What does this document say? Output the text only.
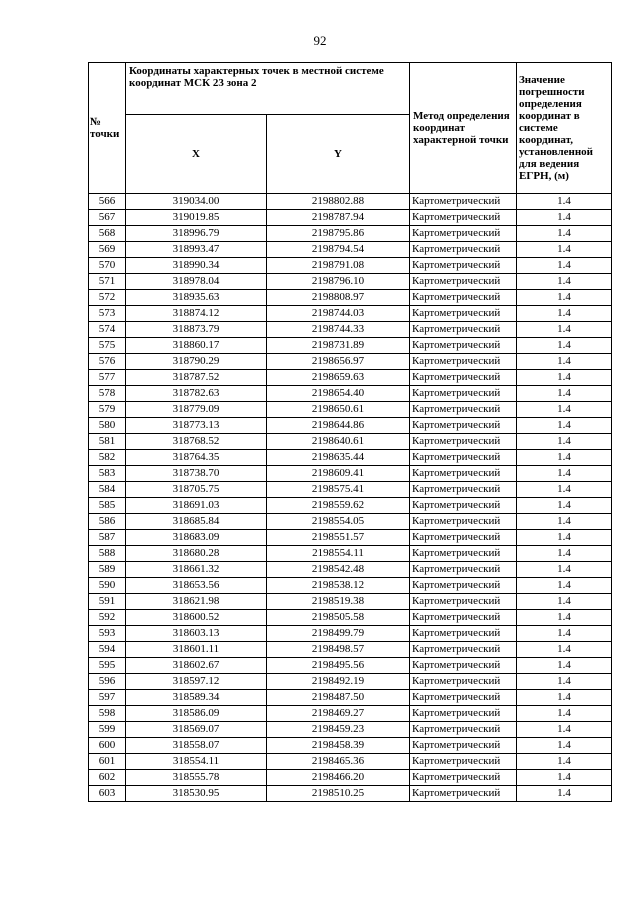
92
№ точки	Координаты характерных точек в местной системе координат МСК 23 зона 2		Метод определения координат характерной точки	Значение погрешности определения координат в системе координат, установленной для ведения ЕГРН, (м)
	X	Y		
566	319034.00	2198802.88	Картометрический	1.4
567	319019.85	2198787.94	Картометрический	1.4
568	318996.79	2198795.86	Картометрический	1.4
569	318993.47	2198794.54	Картометрический	1.4
570	318990.34	2198791.08	Картометрический	1.4
571	318978.04	2198796.10	Картометрический	1.4
572	318935.63	2198808.97	Картометрический	1.4
573	318874.12	2198744.03	Картометрический	1.4
574	318873.79	2198744.33	Картометрический	1.4
575	318860.17	2198731.89	Картометрический	1.4
576	318790.29	2198656.97	Картометрический	1.4
577	318787.52	2198659.63	Картометрический	1.4
578	318782.63	2198654.40	Картометрический	1.4
579	318779.09	2198650.61	Картометрический	1.4
580	318773.13	2198644.86	Картометрический	1.4
581	318768.52	2198640.61	Картометрический	1.4
582	318764.35	2198635.44	Картометрический	1.4
583	318738.70	2198609.41	Картометрический	1.4
584	318705.75	2198575.41	Картометрический	1.4
585	318691.03	2198559.62	Картометрический	1.4
586	318685.84	2198554.05	Картометрический	1.4
587	318683.09	2198551.57	Картометрический	1.4
588	318680.28	2198554.11	Картометрический	1.4
589	318661.32	2198542.48	Картометрический	1.4
590	318653.56	2198538.12	Картометрический	1.4
591	318621.98	2198519.38	Картометрический	1.4
592	318600.52	2198505.58	Картометрический	1.4
593	318603.13	2198499.79	Картометрический	1.4
594	318601.11	2198498.57	Картометрический	1.4
595	318602.67	2198495.56	Картометрический	1.4
596	318597.12	2198492.19	Картометрический	1.4
597	318589.34	2198487.50	Картометрический	1.4
598	318586.09	2198469.27	Картометрический	1.4
599	318569.07	2198459.23	Картометрический	1.4
600	318558.07	2198458.39	Картометрический	1.4
601	318554.11	2198465.36	Картометрический	1.4
602	318555.78	2198466.20	Картометрический	1.4
603	318530.95	2198510.25	Картометрический	1.4
